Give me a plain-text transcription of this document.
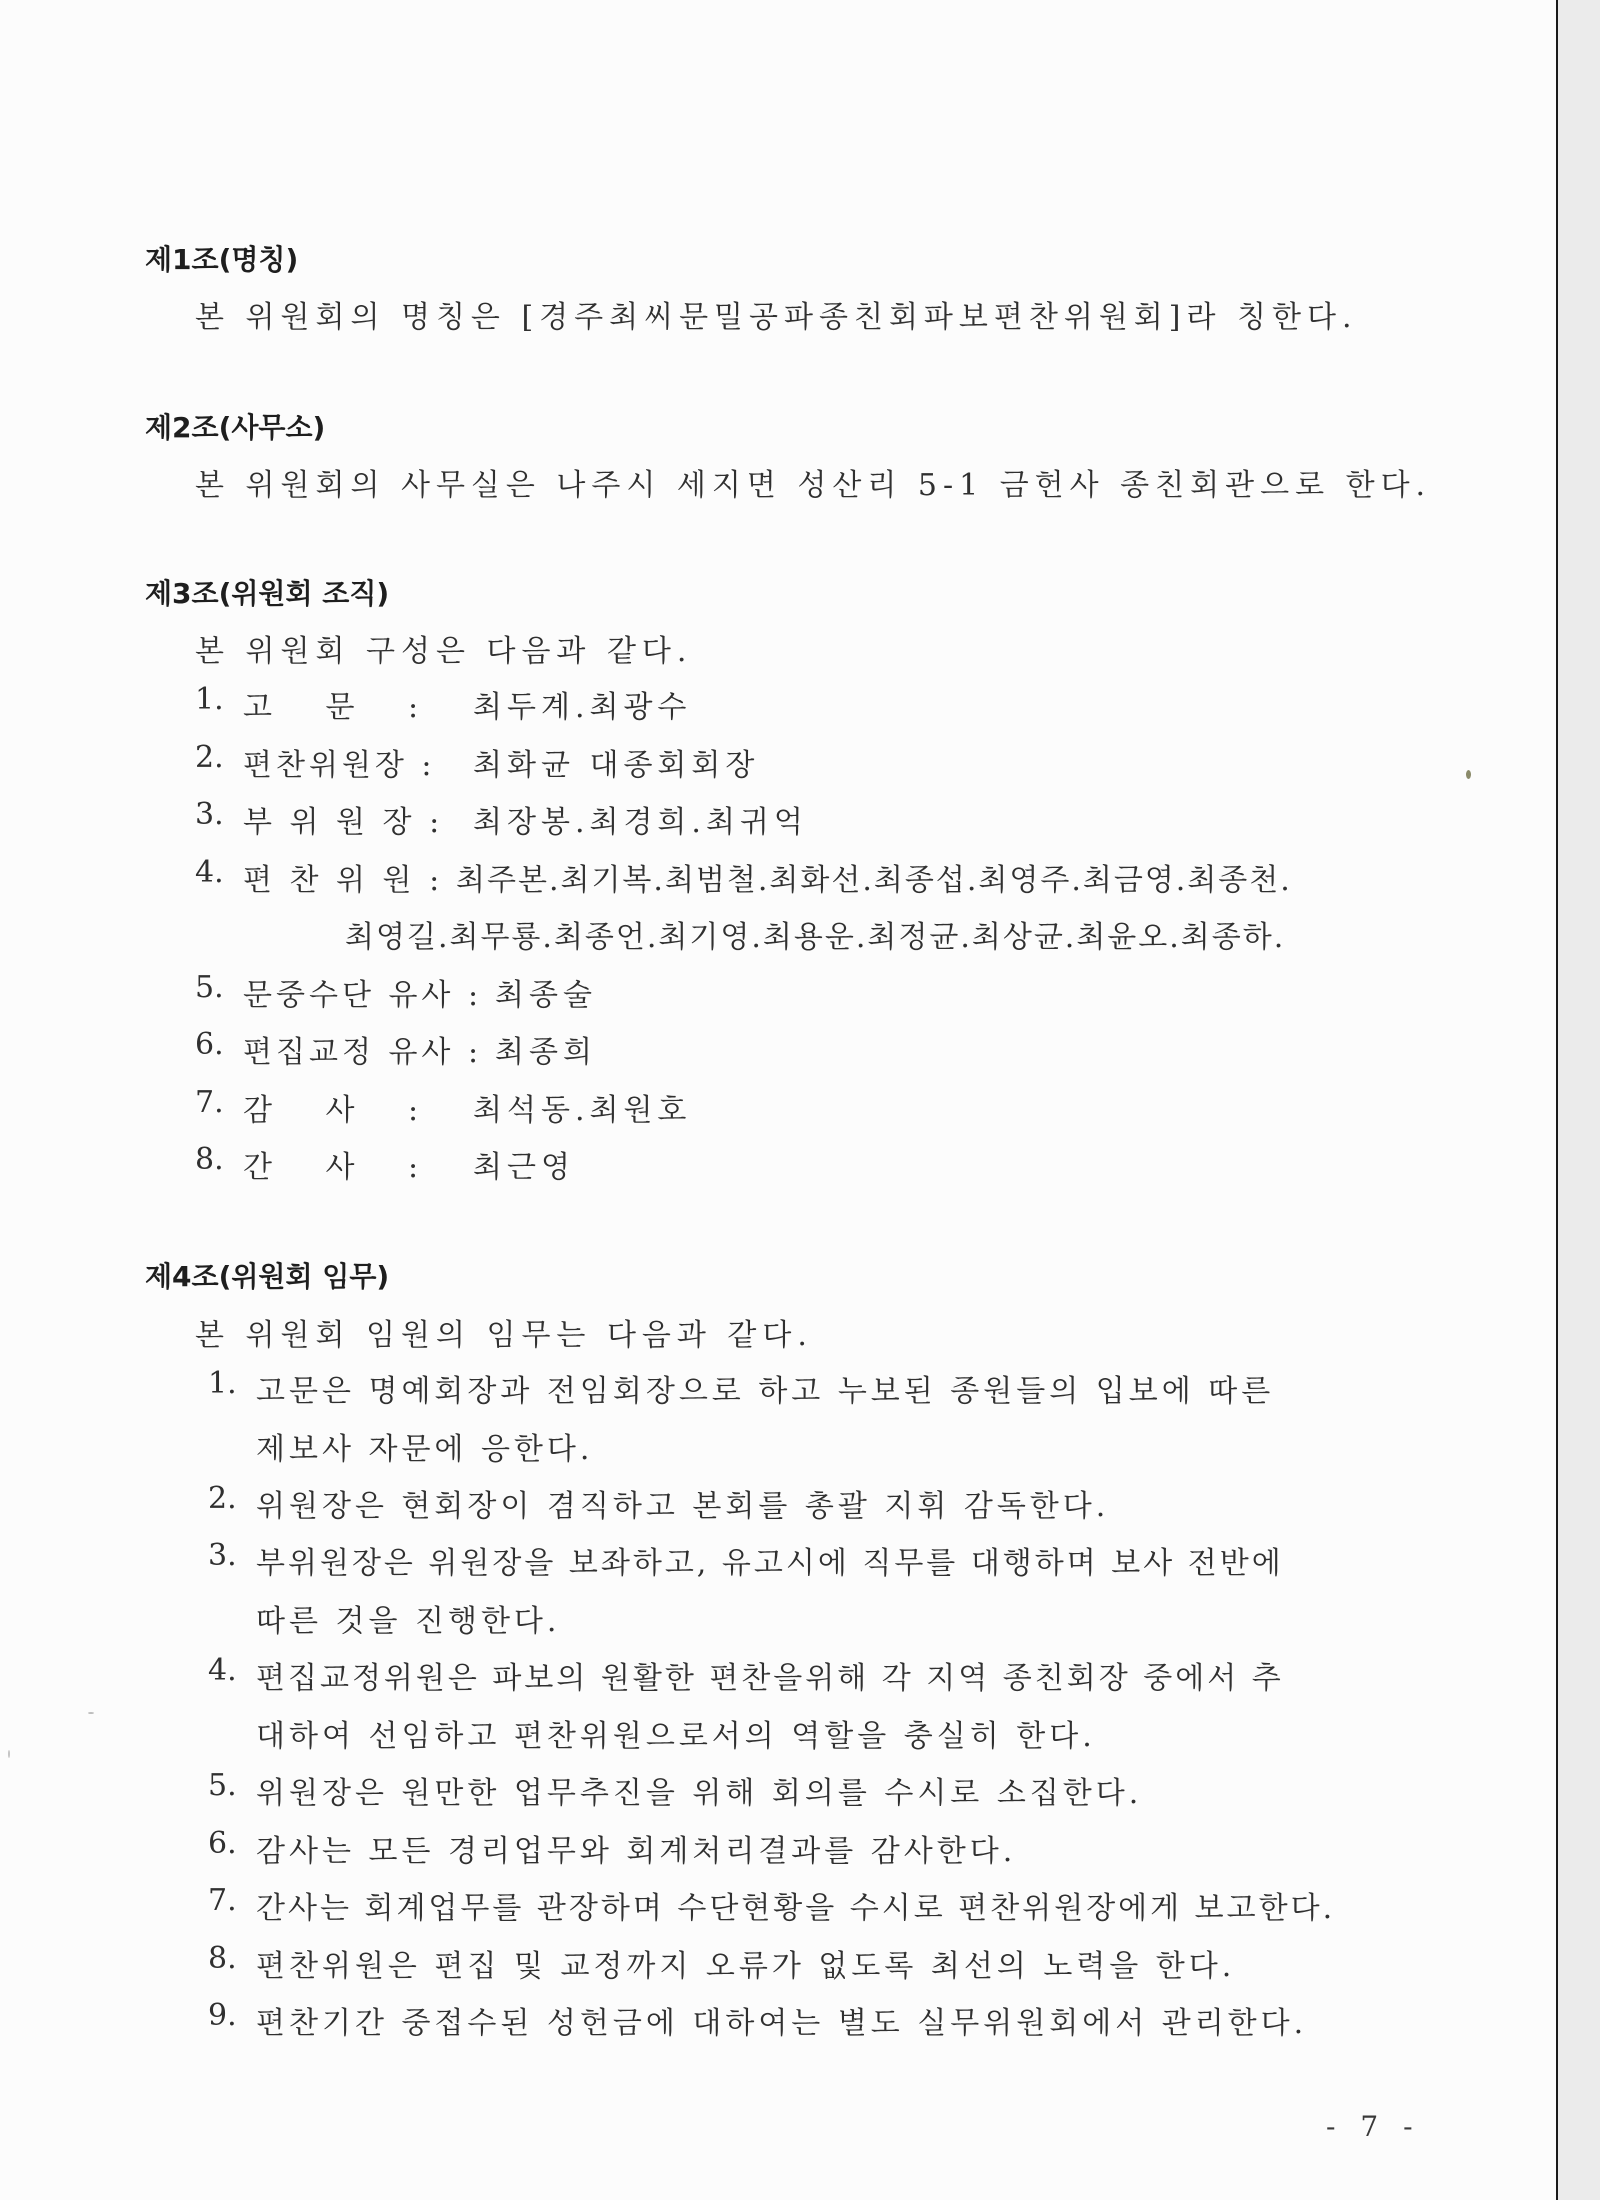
제1조(명칭)
본 위원회의 명칭은 [경주최씨문밀공파종친회파보편찬위원회]라 칭한다.
제2조(사무소)
본 위원회의 사무실은 나주시 세지면 성산리 5-1 금헌사 종친회관으로 한다.
제3조(위원회 조직)
본 위원회 구성은 다음과 같다.
1. 고 문 : 최두계.최광수
2. 편찬위원장 : 최화균 대종회회장
3. 부 위 원 장 : 최장봉.최경희.최귀억
4. 편 찬 위 원 : 최주본.최기복.최범철.최화선.최종섭.최영주.최금영.최종천.
최영길.최무룡.최종언.최기영.최용운.최정균.최상균.최윤오.최종하.
5. 문중수단 유사 : 최종술
6. 편집교정 유사 : 최종희
7. 감 사 : 최석동.최원호
8. 간 사 : 최근영
제4조(위원회 임무)
본 위원회 임원의 임무는 다음과 같다.
1. 고문은 명예회장과 전임회장으로 하고 누보된 종원들의 입보에 따른
제보사 자문에 응한다.
2. 위원장은 현회장이 겸직하고 본회를 총괄 지휘 감독한다.
3. 부위원장은 위원장을 보좌하고, 유고시에 직무를 대행하며 보사 전반에
따른 것을 진행한다.
4. 편집교정위원은 파보의 원활한 편찬을위해 각 지역 종친회장 중에서 추
대하여 선임하고 편찬위원으로서의 역할을 충실히 한다.
5. 위원장은 원만한 업무추진을 위해 회의를 수시로 소집한다.
6. 감사는 모든 경리업무와 회계처리결과를 감사한다.
7. 간사는 회계업무를 관장하며 수단현황을 수시로 편찬위원장에게 보고한다.
8. 편찬위원은 편집 및 교정까지 오류가 없도록 최선의 노력을 한다.
9. 편찬기간 중접수된 성헌금에 대하여는 별도 실무위원회에서 관리한다.
- 7 -
